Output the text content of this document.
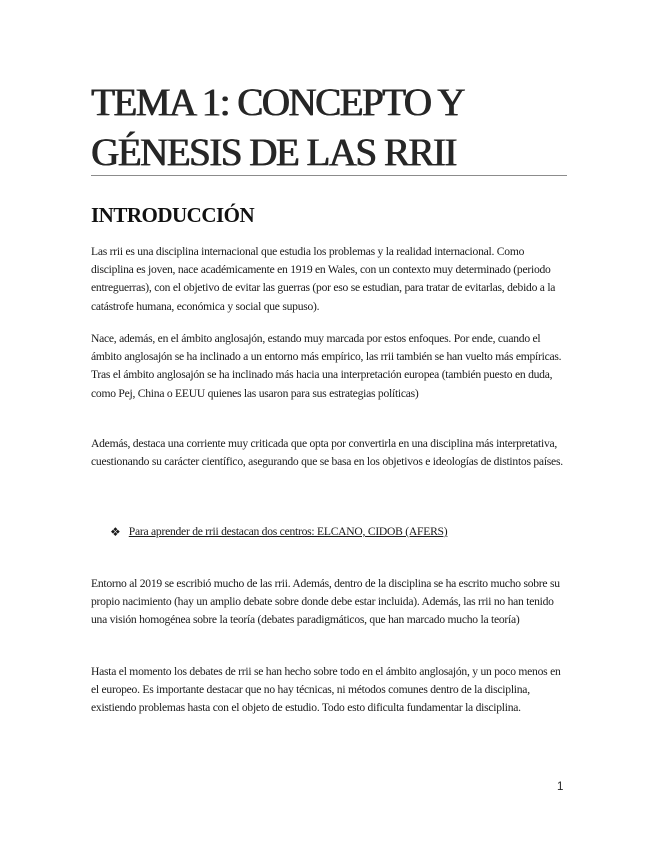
TEMA 1: CONCEPTO Y
GÉNESIS DE LAS RRII
INTRODUCCIÓN

Las rrii es una disciplina internacional que estudia los problemas y la realidad internacional. Como disciplina es joven, nace académicamente en 1919 en Wales, con un contexto muy determinado (periodo entreguerras), con el objetivo de evitar las guerras (por eso se estudian, para tratar de evitarlas, debido a la catástrofe humana, económica y social que supuso).

Nace, además, en el ámbito anglosajón, estando muy marcada por estos enfoques. Por ende, cuando el ámbito anglosajón se ha inclinado a un entorno más empírico, las rrii también se han vuelto más empíricas. Tras el ámbito anglosajón se ha inclinado más hacia una interpretación europea (también puesto en duda, como Pej, China o EEUU quienes las usaron para sus estrategias políticas)

Además, destaca una corriente muy criticada que opta por convertirla en una disciplina más interpretativa, cuestionando su carácter científico, asegurando que se basa en los objetivos e ideologías de distintos países.

❖ Para aprender de rrii destacan dos centros: ELCANO, CIDOB (AFERS)

Entorno al 2019 se escribió mucho de las rrii. Además, dentro de la disciplina se ha escrito mucho sobre su propio nacimiento (hay un amplio debate sobre donde debe estar incluida). Además, las rrii no han tenido una visión homogénea sobre la teoría (debates paradigmáticos, que han marcado mucho la teoría)

Hasta el momento los debates de rrii se han hecho sobre todo en el ámbito anglosajón, y un poco menos en el europeo. Es importante destacar que no hay técnicas, ni métodos comunes dentro de la disciplina, existiendo problemas hasta con el objeto de estudio. Todo esto dificulta fundamentar la disciplina.

1
